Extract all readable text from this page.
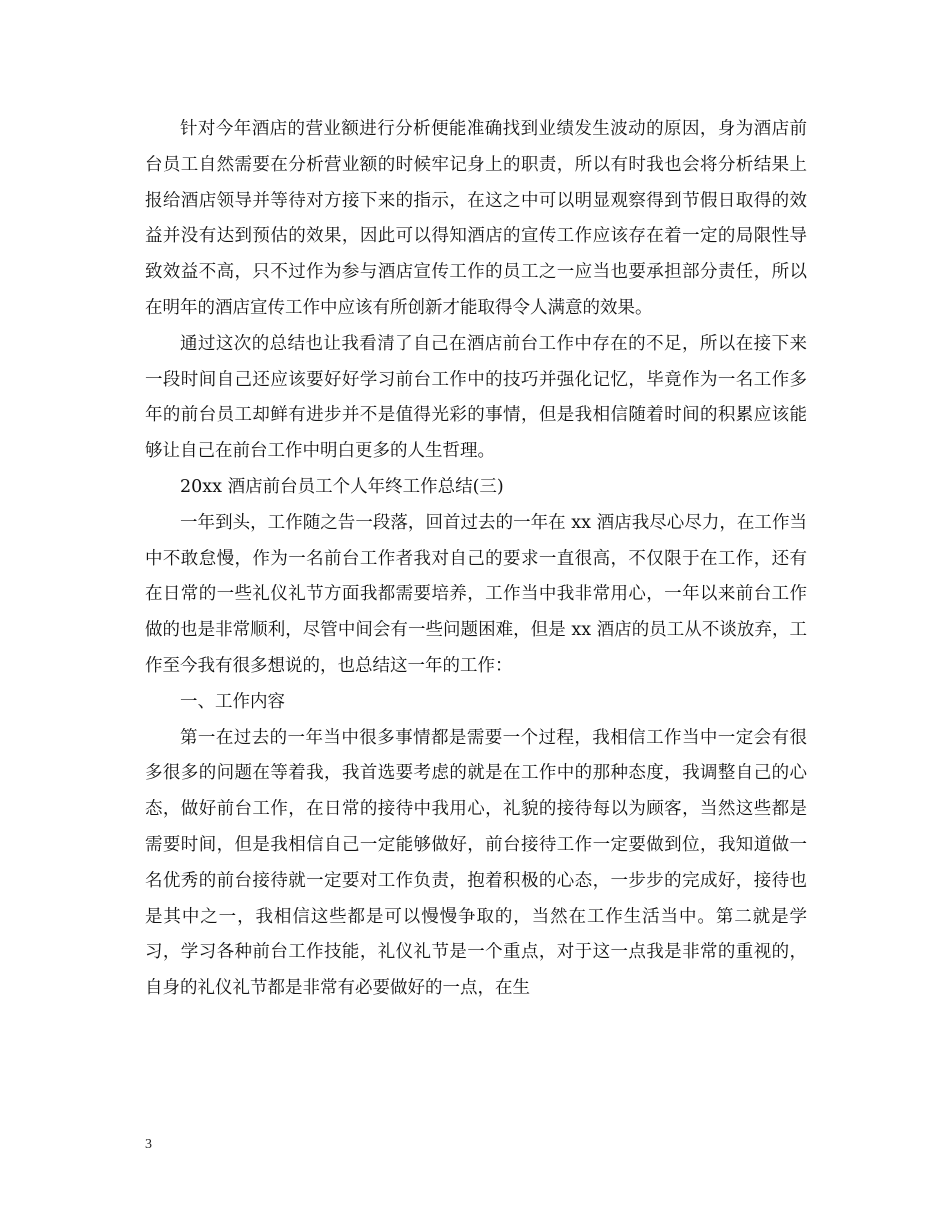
针对今年酒店的营业额进行分析便能准确找到业绩发生波动的原因，身为酒店前台员工自然需要在分析营业额的时候牢记身上的职责，所以有时我也会将分析结果上报给酒店领导并等待对方接下来的指示，在这之中可以明显观察得到节假日取得的效益并没有达到预估的效果，因此可以得知酒店的宣传工作应该存在着一定的局限性导致效益不高，只不过作为参与酒店宣传工作的员工之一应当也要承担部分责任，所以在明年的酒店宣传工作中应该有所创新才能取得令人满意的效果。

通过这次的总结也让我看清了自己在酒店前台工作中存在的不足，所以在接下来一段时间自己还应该要好好学习前台工作中的技巧并强化记忆，毕竟作为一名工作多年的前台员工却鲜有进步并不是值得光彩的事情，但是我相信随着时间的积累应该能够让自己在前台工作中明白更多的人生哲理。

20xx 酒店前台员工个人年终工作总结(三)

一年到头，工作随之告一段落，回首过去的一年在 xx 酒店我尽心尽力，在工作当中不敢怠慢，作为一名前台工作者我对自己的要求一直很高，不仅限于在工作，还有在日常的一些礼仪礼节方面我都需要培养，工作当中我非常用心，一年以来前台工作做的也是非常顺利，尽管中间会有一些问题困难，但是 xx 酒店的员工从不谈放弃，工作至今我有很多想说的，也总结这一年的工作：

一、工作内容

第一在过去的一年当中很多事情都是需要一个过程，我相信工作当中一定会有很多很多的问题在等着我，我首选要考虑的就是在工作中的那种态度，我调整自己的心态，做好前台工作，在日常的接待中我用心，礼貌的接待每以为顾客，当然这些都是需要时间，但是我相信自己一定能够做好，前台接待工作一定要做到位，我知道做一名优秀的前台接待就一定要对工作负责，抱着积极的心态，一步步的完成好，接待也是其中之一，我相信这些都是可以慢慢争取的，当然在工作生活当中。第二就是学习，学习各种前台工作技能，礼仪礼节是一个重点，对于这一点我是非常的重视的，自身的礼仪礼节都是非常有必要做好的一点，在生

3
